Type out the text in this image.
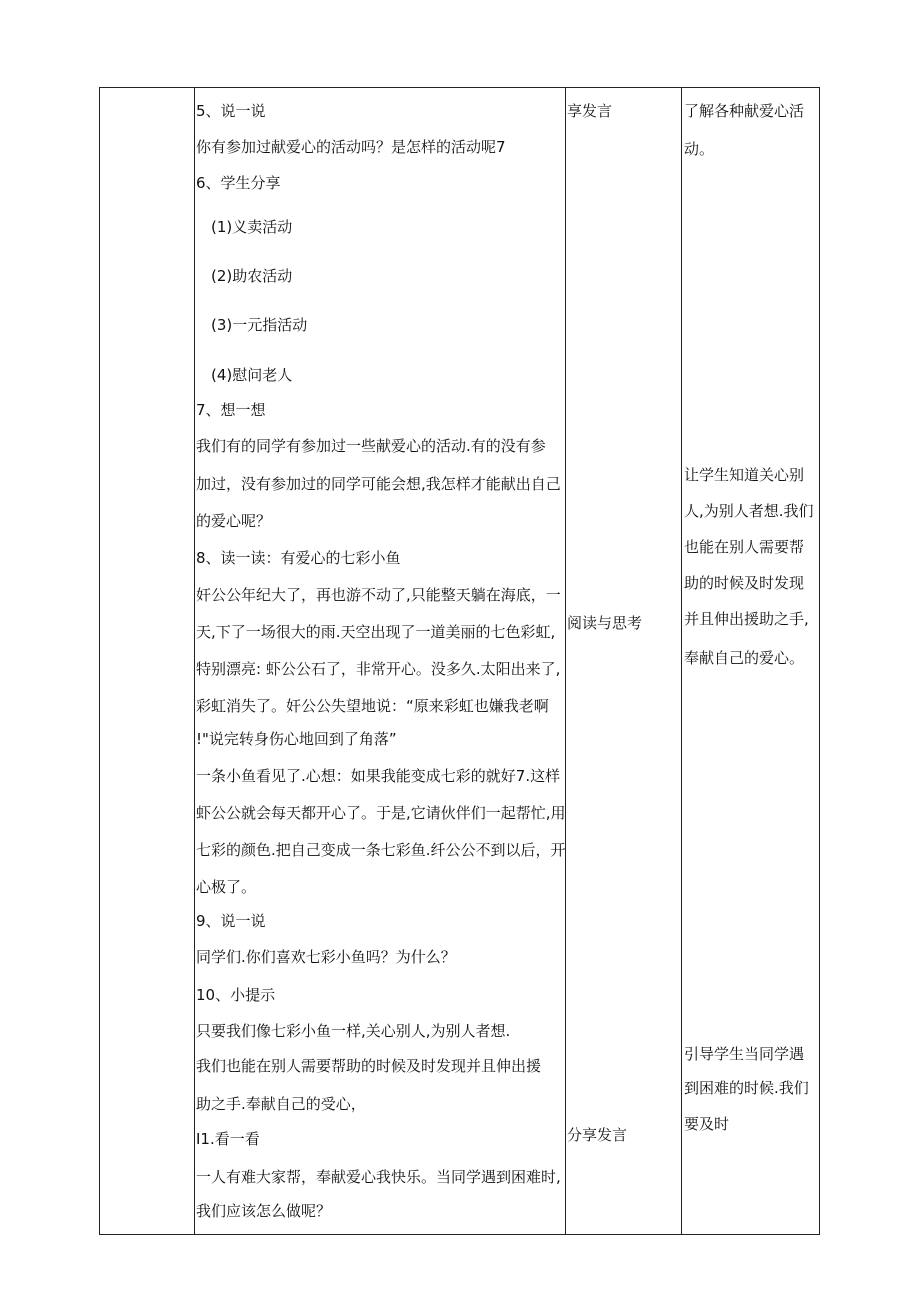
5、说一说
你有参加过献爱心的活动吗？是怎样的活动呢7
6、学生分享
(1)义卖活动
(2)助农活动
(3)一元指活动
(4)慰问老人
7、想一想
我们有的同学有参加过一些献爱心的活动.有的没有参
加过，没有参加过的同学可能会想,我怎样才能献出自己
的爱心呢？
8、读一读：有爱心的七彩小鱼
奸公公年纪大了，再也游不动了,只能整天躺在海底，一
天,下了一场很大的雨.天空出现了一道美丽的七色彩虹,
特别漂亮: 虾公公石了，非常开心。没多久.太阳出来了,
彩虹消失了。奸公公失望地说：“原来彩虹也嫌我老啊
!"说完转身伤心地回到了角落”
一条小鱼看见了.心想：如果我能变成七彩的就好7.这样
虾公公就会每天都开心了。于是,它请伙伴们一起帮忙,用
七彩的颜色.把自己变成一条七彩鱼.纤公公不到以后，开
心极了。
9、说一说
同学们.你们喜欢七彩小鱼吗？为什么？
10、小提示
只要我们像七彩小鱼一样,关心别人,为别人者想.
我们也能在别人需要帮助的时候及时发现并且伸出援
助之手.奉献自己的受心，
I1.看一看
一人有难大家帮，奉献爱心我快乐。当同学遇到困难时,
我们应该怎么做呢？
享发言
阅读与思考
分享发言
了解各种献爱心活
动。
让学生知道关心别
人,为别人者想.我们
也能在别人需要帮
助的时候及时发现
并且伸出援助之手,
奉献自己的爱心。
引导学生当同学遇
到困难的时候.我们
要及时
